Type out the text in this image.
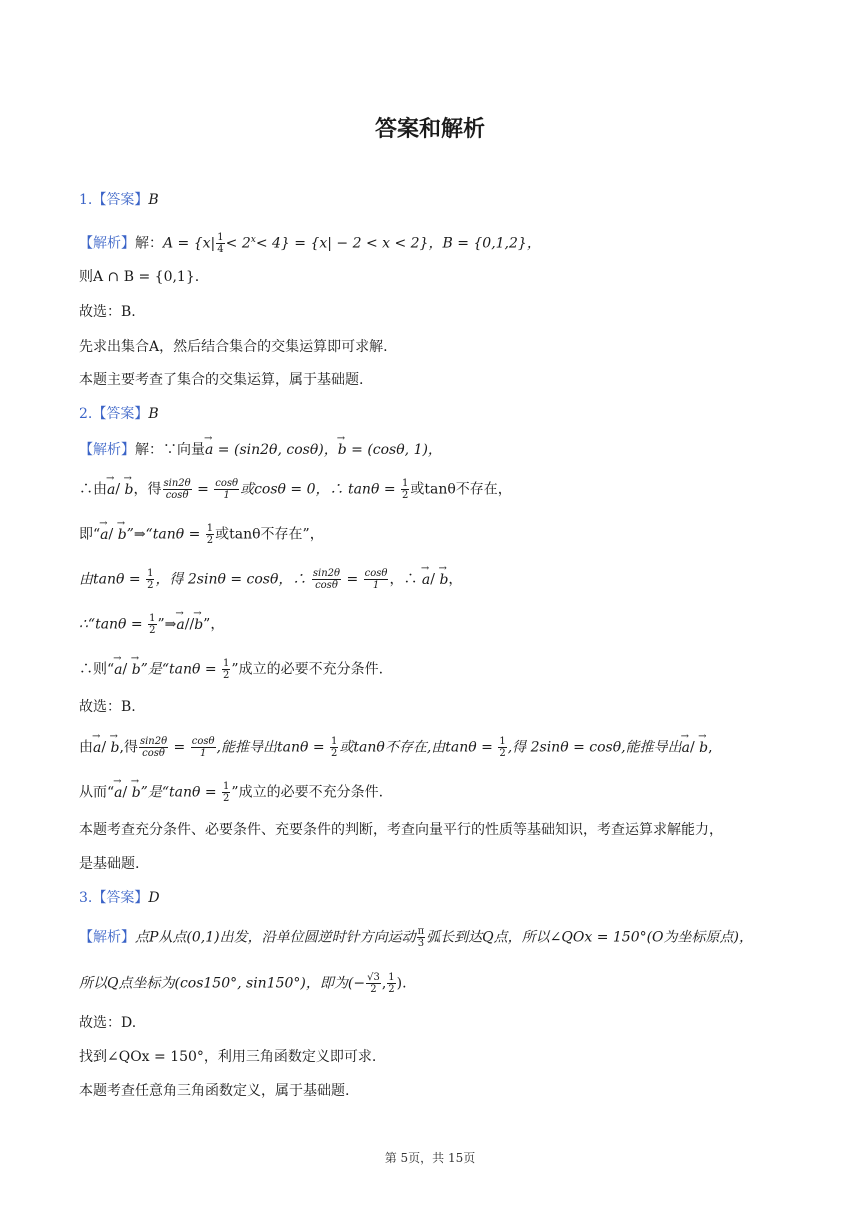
答案和解析
1.【答案】B
【解析】解：$A = \{x| \frac{1}{4} < 2^x< 4\} = \{x| - 2 < x < 2\}$，B = {0,1,2}，
则A ∩ B = {0,1}.
故选：B.
先求出集合A，然后结合集合的交集运算即可求解.
本题主要考查了集合的交集运算，属于基础题.
2.【答案】B
【解析】解：∵向量→ a = (sin2θ, cosθ)，→ b = (cosθ, 1)，
∴由→ a/ → b，得 $\frac{\sin 2\theta}{\cos\theta} = \frac{\cos\theta}{1}$ 或cosθ = 0，∴ $\tan\theta = \frac{1}{2}$ 或tanθ不存在，
即“→ a/ → b”⇒“tanθ = $\frac{1}{2}$ 或tanθ不存在”，
由$\tan\theta = \frac{1}{2}$ ，得 2sinθ = cosθ，∴ $\frac{\sin 2\theta}{\cos\theta} = \frac{\cos\theta}{1}$ ，∴ → a/ → b，
∴“tanθ = $\frac{1}{2}$ ”⇒→ a//→ b”，
∴则“→ a/ → b”是“$\tan\theta = \frac{1}{2}$ ”成立的必要不充分条件.
故选：B.
由→ a/ → b,得 $\frac{\sin 2\theta}{\cos\theta} = \frac{\cos\theta}{1}$ ,能推导出$\tan\theta = \frac{1}{2}$ 或tanθ不存在,由$\tan\theta = \frac{1}{2}$ ,得 2sinθ = cosθ,能推导出→ a/ → b,
从而“→ a/ → b”是“$\tan\theta = \frac{1}{2}$ ”成立的必要不充分条件.
本题考查充分条件、必要条件、充要条件的判断，考查向量平行的性质等基础知识，考查运算求解能力，
是基础题.
3.【答案】D
【解析】点P从点(0,1)出发，沿单位圆逆时针方向运动 $\frac{\pi}{3}$ 弧长到达Q点，所以∠QOx = 150°(O为坐标原点)，
所以Q点坐标为(cos150°, sin150°)，即为(− $\frac{√3}{2}$ , $\frac{1}{2}$ ).
故选：D.
找到∠QOx = 150°，利用三角函数定义即可求.
本题考查任意角三角函数定义，属于基础题.
第 5页，共 15页
